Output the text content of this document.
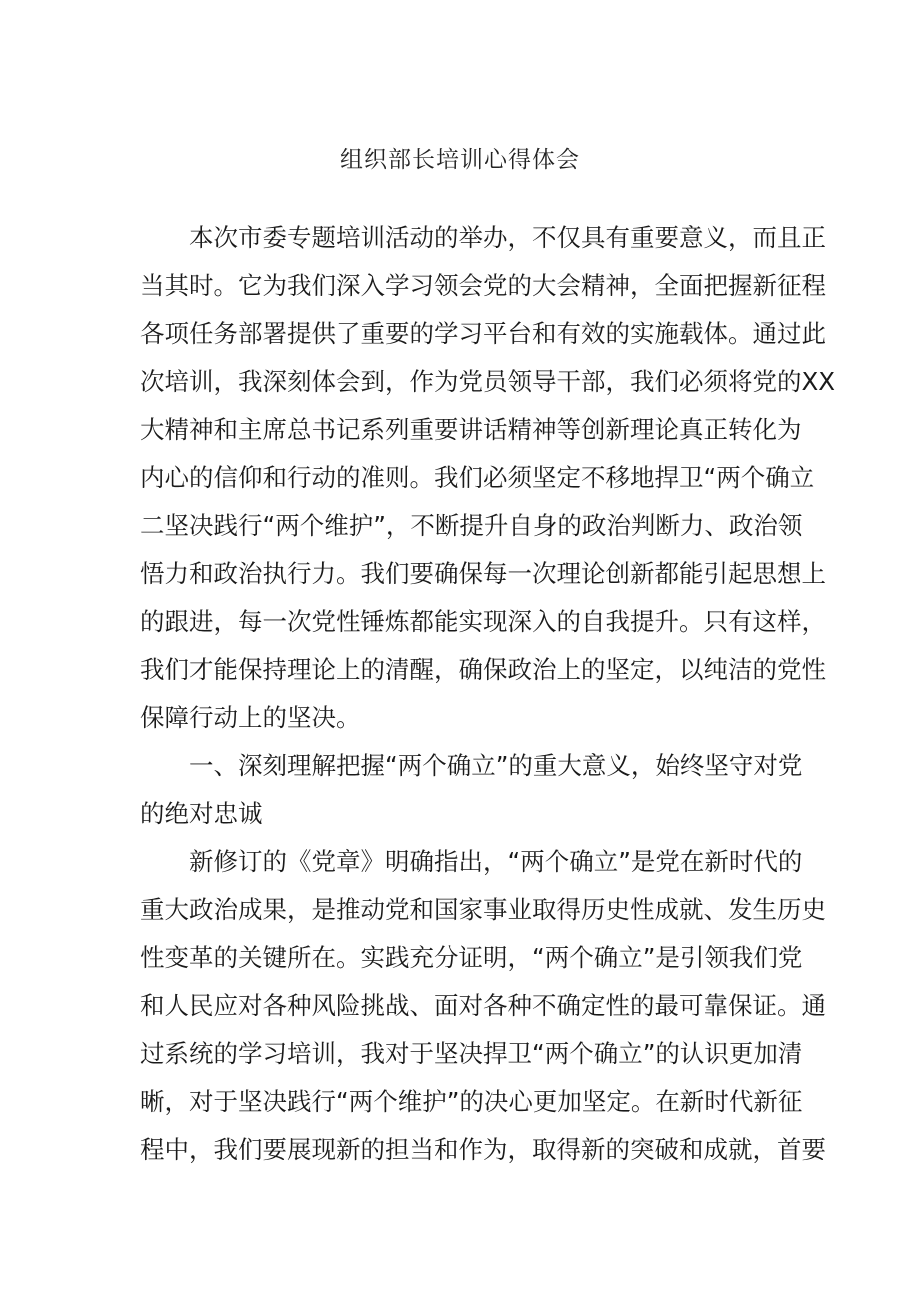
组织部长培训心得体会
本次市委专题培训活动的举办，不仅具有重要意义，而且正
当其时。它为我们深入学习领会党的大会精神，全面把握新征程
各项任务部署提供了重要的学习平台和有效的实施载体。通过此
次培训，我深刻体会到，作为党员领导干部，我们必须将党的XX
大精神和主席总书记系列重要讲话精神等创新理论真正转化为
内心的信仰和行动的准则。我们必须坚定不移地捍卫“两个确立
二坚决践行“两个维护”，不断提升自身的政治判断力、政治领
悟力和政治执行力。我们要确保每一次理论创新都能引起思想上
的跟进，每一次党性锤炼都能实现深入的自我提升。只有这样，
我们才能保持理论上的清醒，确保政治上的坚定，以纯洁的党性
保障行动上的坚决。
一、深刻理解把握“两个确立”的重大意义，始终坚守对党
的绝对忠诚
新修订的《党章》明确指出，“两个确立”是党在新时代的
重大政治成果，是推动党和国家事业取得历史性成就、发生历史
性变革的关键所在。实践充分证明，“两个确立”是引领我们党
和人民应对各种风险挑战、面对各种不确定性的最可靠保证。通
过系统的学习培训，我对于坚决捍卫“两个确立”的认识更加清
晰，对于坚决践行“两个维护”的决心更加坚定。在新时代新征
程中，我们要展现新的担当和作为，取得新的突破和成就，首要
